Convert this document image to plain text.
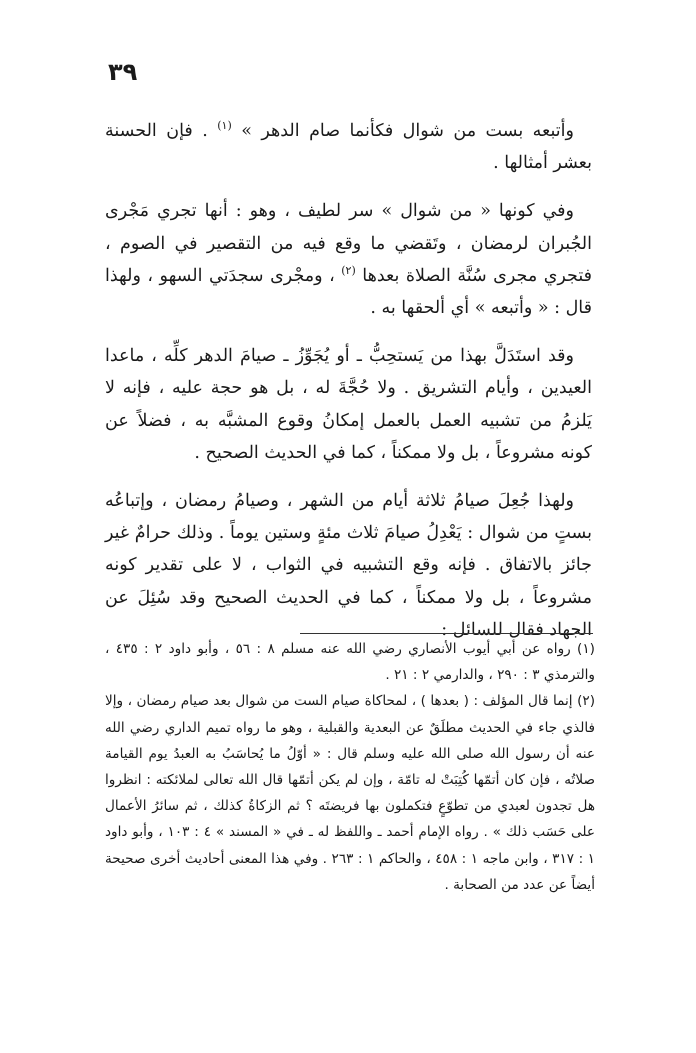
٣٩

وأتبعه بست من شوال فكأنما صام الدهر » $^{(١)}$ . فإن الحسنة بعشر أمثالها .

وفي كونها « من شوال » سر لطيف ، وهو : أنها تجري مَجْرى الجُبران لرمضان ، وتَقضي ما وقع فيه من التقصير في الصوم ، فتجري مجرى سُنَّة الصلاة بعدها $^{(٢)}$ ، ومجْرى سجدَتي السهو ، ولهذا قال : « وأتبعه » أي ألحقها به .

وقد استَدَلَّ بهذا من يَستحِبُّ ـ أو يُجَوِّزُ ـ صيامَ الدهر كلِّه ، ماعدا العيدين ، وأيام التشريق . ولا حُجَّةَ له ، بل هو حجة عليه ، فإنه لا يَلزمُ من تشبيه العمل بالعمل إمكانُ وقوع المشبَّه به ، فضلاً عن كونه مشروعاً ، بل ولا ممكناً ، كما في الحديث الصحيح .

ولهذا جُعِلَ صيامُ ثلاثة أيام من الشهر ، وصيامُ رمضان ، وإتباعُه بستٍ من شوال : يَعْدِلُ صيامَ ثلاث مئةٍ وستين يوماً . وذلك حرامٌ غير جائز بالاتفاق . فإنه وقع التشبيه في الثواب ، لا على تقدير كونه مشروعاً ، بل ولا ممكناً ، كما في الحديث الصحيح وقد سُئِلَ عن الجهاد فقال للسائل :

(١) رواه عن أبي أيوب الأنصاري رضي الله عنه مسلم ٨ : ٥٦ ، وأبو داود ٢ : ٤٣٥ ، والترمذي ٣ : ٢٩٠ ، والدارمي ٢ : ٢١ .

(٢) إنما قال المؤلف : ( بعدها ) ، لمحاكاة صيام الست من شوال بعد صيام رمضان ، وإلا فالذي جاء في الحديث مطلَقٌ عن البعدية والقبلية ، وهو ما رواه تميم الداري رضي الله عنه أن رسول الله صلى الله عليه وسلم قال : « أوّلُ ما يُحاسَبُ به العبدُ يوم القيامة صلاتُه ، فإن كان أتمّها كُتِبَتْ له تامّة ، وإن لم يكن أتمّها قال الله تعالى لملائكته : انظروا هل تجدون لعبدي من تطوّعٍ فتكملون بها فريضتَه ؟ ثم الزكاةُ كذلك ، ثم سائرُ الأعمال على حَسَب ذلك » . رواه الإمام أحمد ـ واللفظ له ـ في « المسند » ٤ : ١٠٣ ، وأبو داود ١ : ٣١٧ ، وابن ماجه ١ : ٤٥٨ ، والحاكم ١ : ٢٦٣ . وفي هذا المعنى أحاديث أخرى صحيحة أيضاً عن عدد من الصحابة .
